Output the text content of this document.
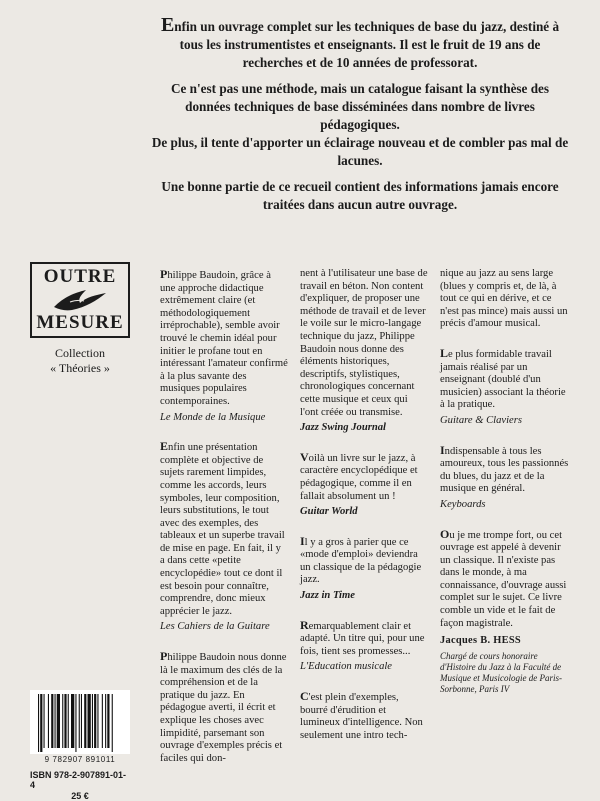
Enfin un ouvrage complet sur les techniques de base du jazz, destiné à tous les instrumentistes et enseignants. Il est le fruit de 19 ans de recherches et de 10 années de professorat.

Ce n'est pas une méthode, mais un catalogue faisant la synthèse des données techniques de base disséminées dans nombre de livres pédagogiques.

De plus, il tente d'apporter un éclairage nouveau et de combler pas mal de lacunes.

Une bonne partie de ce recueil contient des informations jamais encore traitées dans aucun autre ouvrage.

OUTRE
MESURE
Collection
« Théories »
9 782907 891011
ISBN 978-2-907891-01-4
25 €
Philippe Baudoin, grâce à une approche didactique extrêmement claire (et méthodologiquement irréprochable), semble avoir trouvé le chemin idéal pour initier le profane tout en intéressant l'amateur confirmé à la plus savante des musiques populaires contemporaines.
Le Monde de la Musique
Enfin une présentation complète et objective de sujets rarement limpides, comme les accords, leurs symboles, leur composition, leurs substitutions, le tout avec des exemples, des tableaux et un superbe travail de mise en page. En fait, il y a dans cette «petite encyclopédie» tout ce dont il est besoin pour connaître, comprendre, donc mieux apprécier le jazz.
Les Cahiers de la Guitare
Philippe Baudoin nous donne là le maximum des clés de la compréhension et de la pratique du jazz. En pédagogue averti, il écrit et explique les choses avec limpidité, parsemant son ouvrage d'exemples précis et faciles qui don-
nent à l'utilisateur une base de travail en béton. Non content d'expliquer, de proposer une méthode de travail et de lever le voile sur le micro-langage technique du jazz, Philippe Baudoin nous donne des éléments historiques, descriptifs, stylistiques, chronologiques concernant cette musique et ceux qui l'ont créée ou transmise.
Jazz Swing Journal
Voilà un livre sur le jazz, à caractère encyclopédique et pédagogique, comme il en fallait absolument un !
Guitar World
Il y a gros à parier que ce «mode d'emploi» deviendra un classique de la pédagogie jazz.
Jazz in Time
Remarquablement clair et adapté. Un titre qui, pour une fois, tient ses promesses...
L'Education musicale
C'est plein d'exemples, bourré d'érudition et lumineux d'intelligence. Non seulement une intro tech-
nique au jazz au sens large (blues y compris et, de là, à tout ce qui en dérive, et ce n'est pas mince) mais aussi un précis d'amour musical.
Le plus formidable travail jamais réalisé par un enseignant (doublé d'un musicien) associant la théorie à la pratique.
Guitare & Claviers
Indispensable à tous les amoureux, tous les passionnés du blues, du jazz et de la musique en général.
Keyboards
Ou je me trompe fort, ou cet ouvrage est appelé à devenir un classique. Il n'existe pas dans le monde, à ma connaissance, d'ouvrage aussi complet sur le sujet. Ce livre comble un vide et le fait de façon magistrale.
Jacques B. HESS
Chargé de cours honoraire d'Histoire du Jazz à la Faculté de Musique et Musicologie de Paris-Sorbonne, Paris IV
